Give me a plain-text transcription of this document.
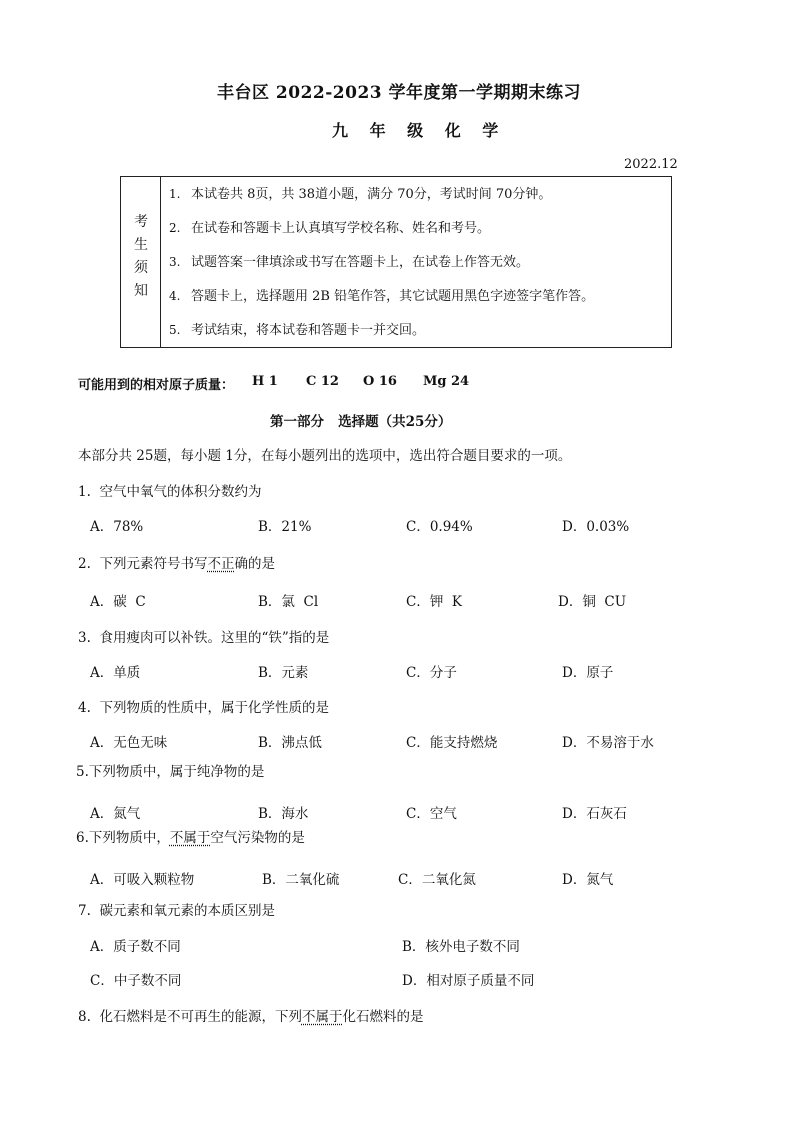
丰台区 2022-2023 学年度第一学期期末练习
九 年 级 化 学
2022.12
考
生
须
知
1. 本试卷共 8页，共 38道小题，满分 70分，考试时间 70分钟。
2. 在试卷和答题卡上认真填写学校名称、姓名和考号。
3. 试题答案一律填涂或书写在答题卡上，在试卷上作答无效。
4. 答题卡上，选择题用 2B 铅笔作答，其它试题用黑色字迹签字笔作答。
5. 考试结束，将本试卷和答题卡一并交回。
可能用到的相对原子质量： H 1 C 12 O 16 Mg 24
第一部分   选择题（共25分）
本部分共 25题，每小题 1分，在每小题列出的选项中，选出符合题目要求的一项。
1.  空气中氧气的体积分数约为
A．78%	B．21%	C．0.94%	D．0.03%
2.  下列元素符号书写不正确的是
A．碳  C	B．氯  Cl	C．钾  K	D．铜  CU
3.  食用瘦肉可以补铁。这里的“铁”指的是
A．单质	B．元素	C．分子	D．原子
4.  下列物质的性质中，属于化学性质的是
A．无色无味	B．沸点低	C．能支持燃烧	D．不易溶于水
5.下列物质中，属于纯净物的是
A．氮气	B．海水	C．空气	D．石灰石
6.下列物质中，不属于空气污染物的是
A．可吸入颗粒物	B．二氧化硫	C．二氧化氮	D．氮气
7.  碳元素和氧元素的本质区别是
A．质子数不同	B．核外电子数不同
C．中子数不同	D．相对原子质量不同
8.  化石燃料是不可再生的能源，下列不属于化石燃料的是
